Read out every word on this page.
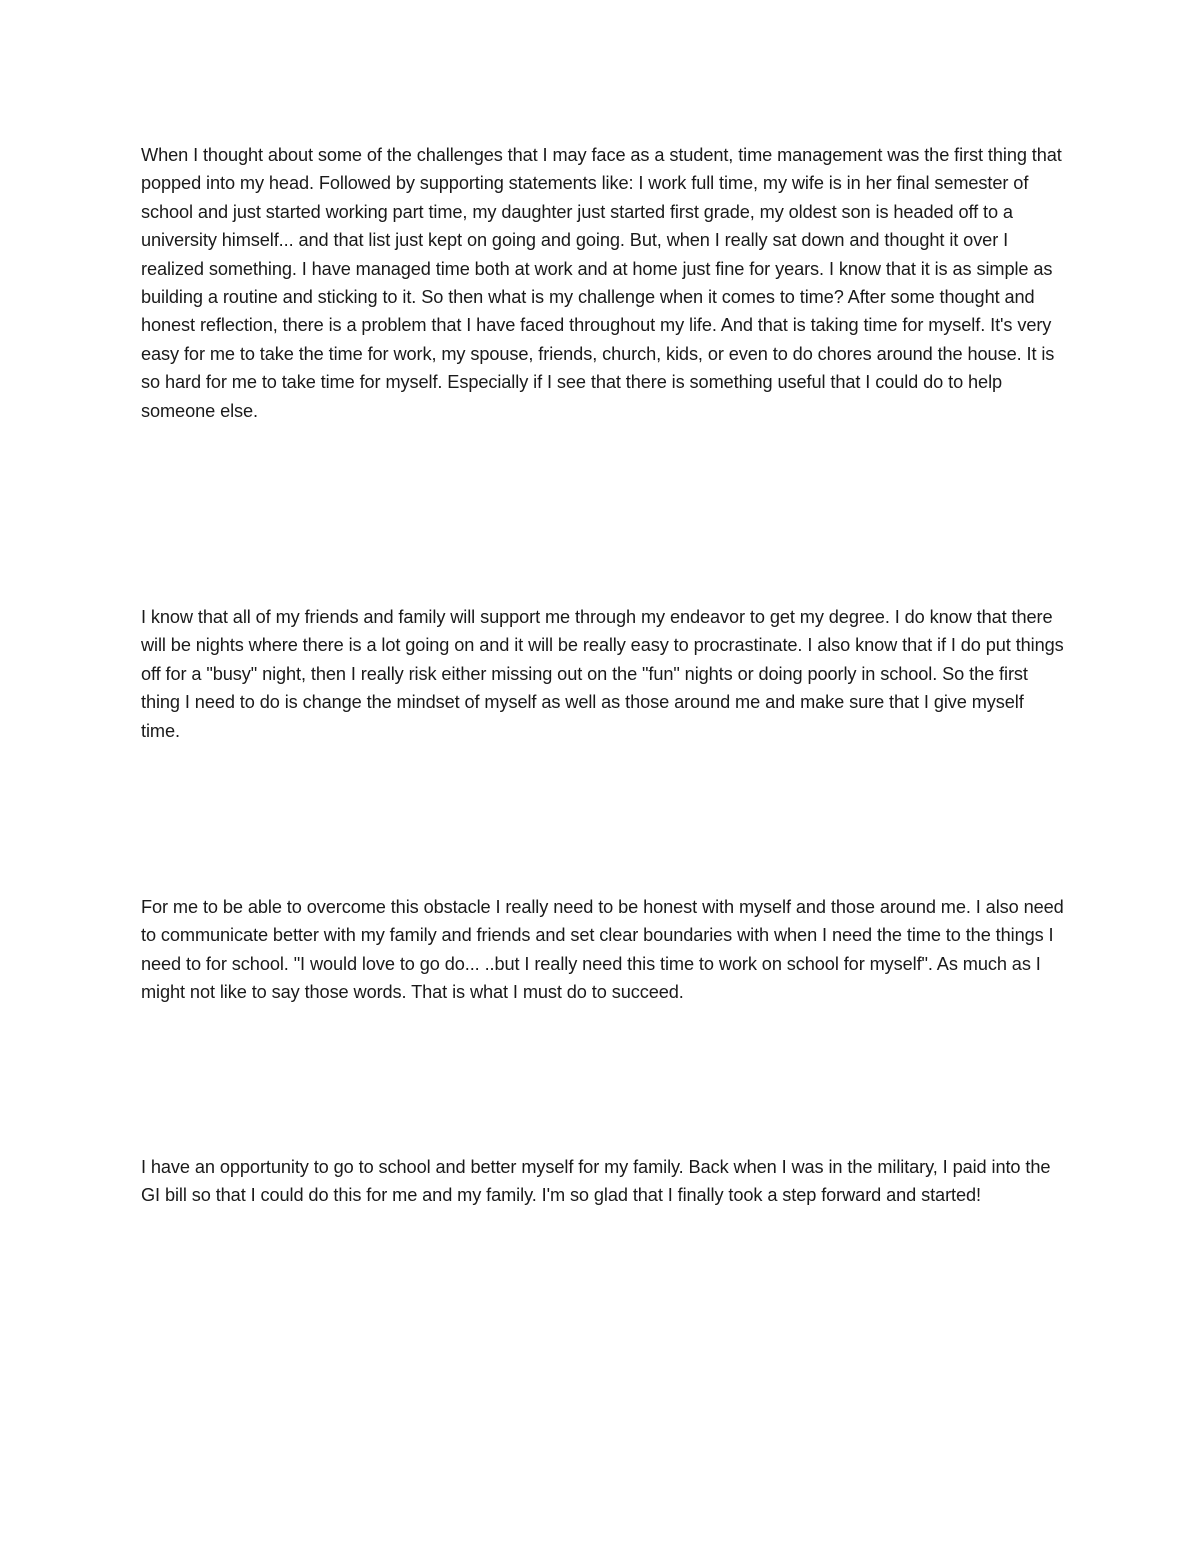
When I thought about some of the challenges that I may face as a student, time management was the first thing that popped into my head. Followed by supporting statements like: I work full time, my wife is in her final semester of school and just started working part time, my daughter just started first grade, my oldest son is headed off to a university himself... and that list just kept on going and going. But, when I really sat down and thought it over I realized something. I have managed time both at work and at home just fine for years. I know that it is as simple as building a routine and sticking to it. So then what is my challenge when it comes to time? After some thought and honest reflection, there is a problem that I have faced throughout my life. And that is taking time for myself. It's very easy for me to take the time for work, my spouse, friends, church, kids, or even to do chores around the house. It is so hard for me to take time for myself. Especially if I see that there is something useful that I could do to help someone else.

I know that all of my friends and family will support me through my endeavor to get my degree. I do know that there will be nights where there is a lot going on and it will be really easy to procrastinate. I also know that if I do put things off for a "busy" night, then I really risk either missing out on the "fun" nights or doing poorly in school. So the first thing I need to do is change the mindset of myself as well as those around me and make sure that I give myself time.

For me to be able to overcome this obstacle I really need to be honest with myself and those around me. I also need to communicate better with my family and friends and set clear boundaries with when I need the time to the things I need to for school. "I would love to go do... ..but I really need this time to work on school for myself". As much as I might not like to say those words. That is what I must do to succeed.

I have an opportunity to go to school and better myself for my family. Back when I was in the military, I paid into the GI bill so that I could do this for me and my family. I'm so glad that I finally took a step forward and started!
